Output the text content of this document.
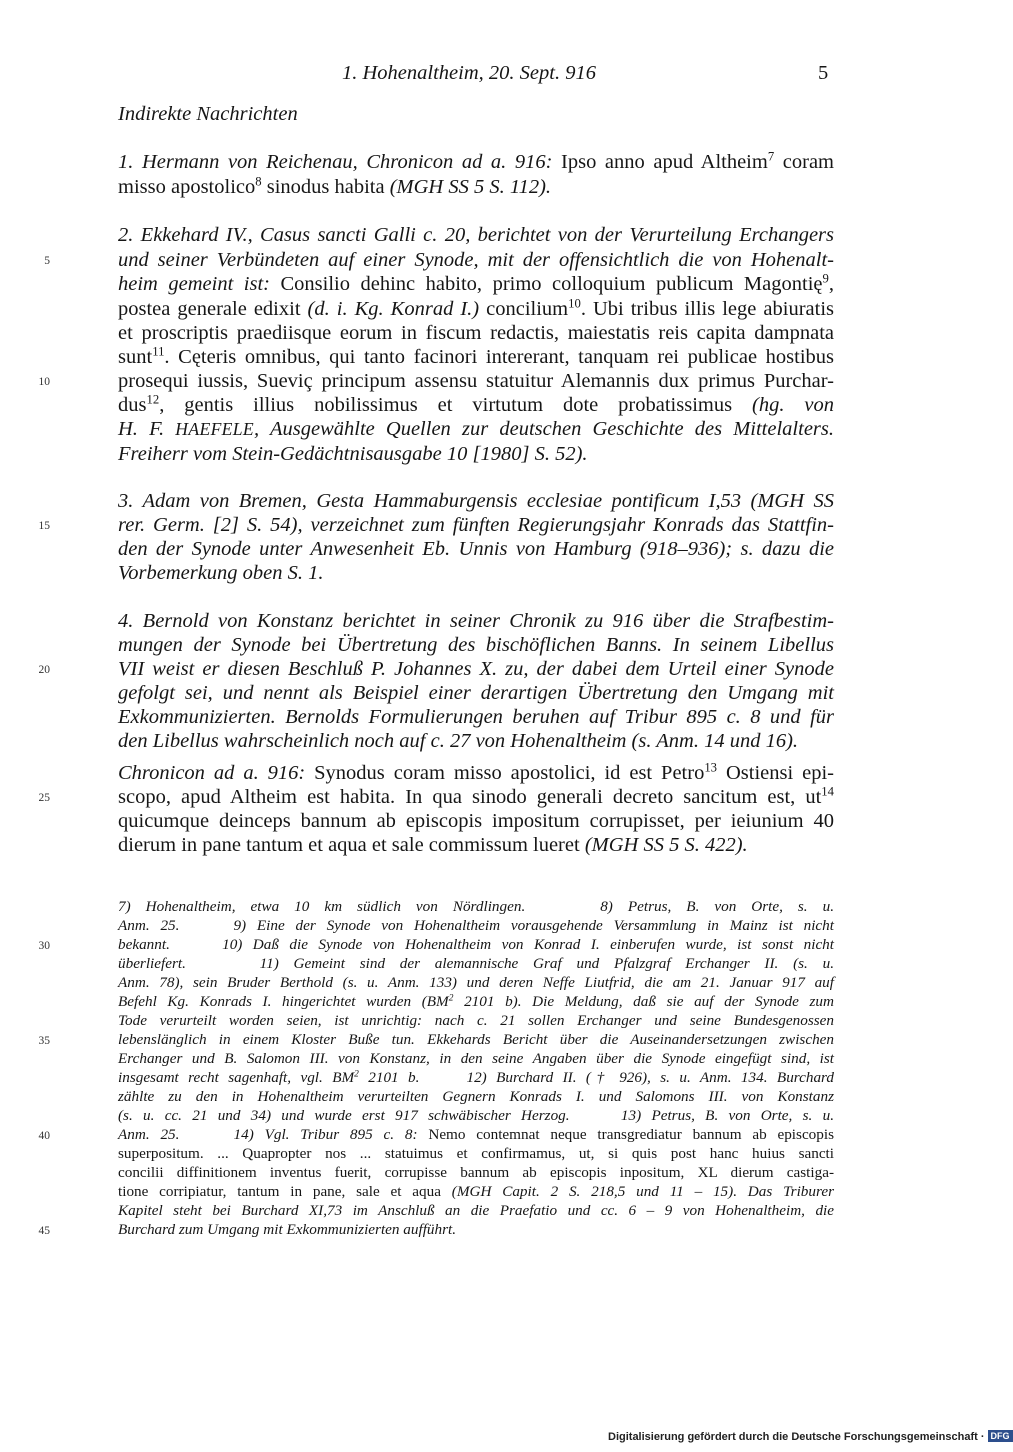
1. Hohenaltheim, 20. Sept. 916	5
Indirekte Nachrichten
1. Hermann von Reichenau, Chronicon ad a. 916: Ipso anno apud Altheim$^7$ coram
misso apostolico$^8$ sinodus habita (MGH SS 5 S. 112).
2. Ekkehard IV., Casus sancti Galli c. 20, berichtet von der Verurteilung Erchangers
und seiner Verbündeten auf einer Synode, mit der offensichtlich die von Hohenalt-
heim gemeint ist: Consilio dehinc habito, primo colloquium publicum Magontię$^9$,
postea generale edixit (d. i. Kg. Konrad I.) concilium$^{10}$. Ubi tribus illis lege abiuratis
et proscriptis praediisque eorum in fiscum redactis, maiestatis reis capita dampnata
sunt$^{11}$. Cęteris omnibus, qui tanto facinori intererant, tanquam rei publicae hostibus
prosequi iussis, Sueviç principum assensu statuitur Alemannis dux primus Purchar-
dus$^{12}$, gentis illius nobilissimus et virtutum dote probatissimus (hg. von
H. F. HAEFELE, Ausgewählte Quellen zur deutschen Geschichte des Mittelalters.
Freiherr vom Stein-Gedächtnisausgabe 10 [1980] S. 52).
3. Adam von Bremen, Gesta Hammaburgensis ecclesiae pontificum I,53 (MGH SS
rer. Germ. [2] S. 54), verzeichnet zum fünften Regierungsjahr Konrads das Stattfin-
den der Synode unter Anwesenheit Eb. Unnis von Hamburg (918–936); s. dazu die
Vorbemerkung oben S. 1.
4. Bernold von Konstanz berichtet in seiner Chronik zu 916 über die Strafbestim-
mungen der Synode bei Übertretung des bischöflichen Banns. In seinem Libellus
VII weist er diesen Beschluß P. Johannes X. zu, der dabei dem Urteil einer Synode
gefolgt sei, und nennt als Beispiel einer derartigen Übertretung den Umgang mit
Exkommunizierten. Bernolds Formulierungen beruhen auf Tribur 895 c. 8 und für
den Libellus wahrscheinlich noch auf c. 27 von Hohenaltheim (s. Anm. 14 und 16).
Chronicon ad a. 916: Synodus coram misso apostolici, id est Petro$^{13}$ Ostiensi epi-
scopo, apud Altheim est habita. In qua sinodo generali decreto sancitum est, $ut^{14}$
quicumque deinceps bannum ab episcopis impositum corrupisset, per ieiunium 40
dierum in pane tantum et aqua et sale commissum lueret (MGH SS 5 S. 422).
7) Hohenaltheim, etwa 10 km südlich von Nördlingen.     8) Petrus, B. von Orte, s. u.
Anm. 25.     9) Eine der Synode von Hohenaltheim vorausgehende Versammlung in Mainz ist nicht
bekannt.     10) Daß die Synode von Hohenaltheim von Konrad I. einberufen wurde, ist sonst nicht
überliefert.     11) Gemeint sind der alemannische Graf und Pfalzgraf Erchanger II. (s. u.
Anm. 78), sein Bruder Berthold (s. u. Anm. 133) und deren Neffe Liutfrid, die am 21. Januar 917 auf
Befehl Kg. Konrads I. hingerichtet wurden ($BM^2$ 2101 b). Die Meldung, daß sie auf der Synode zum
Tode verurteilt worden seien, ist unrichtig: nach c. 21 sollen Erchanger und seine Bundesgenossen
lebenslänglich in einem Kloster Buße tun. Ekkehards Bericht über die Auseinandersetzungen zwischen
Erchanger und B. Salomon III. von Konstanz, in den seine Angaben über die Synode eingefügt sind, ist
insgesamt recht sagenhaft, vgl. $BM^2$ 2101 b.     12) Burchard II. († 926), s. u. Anm. 134. Burchard
zählte zu den in Hohenaltheim verurteilten Gegnern Konrads I. und Salomons III. von Konstanz
(s. u. cc. 21 und 34) und wurde erst 917 schwäbischer Herzog.     13) Petrus, B. von Orte, s. u.
Anm. 25.     14) Vgl. Tribur 895 c. 8: Nemo contemnat neque transgrediatur bannum ab episcopis
superpositum. ... Quapropter nos ... statuimus et confirmamus, ut, si quis post hanc huius sancti
concilii diffinitionem inventus fuerit, corrupisse bannum ab episcopis inpositum, XL dierum castiga-
tione corripiatur, tantum in pane, sale et aqua (MGH Capit. 2 S. 218,5 und 11 – 15). Das Triburer
Kapitel steht bei Burchard XI,73 im Anschluß an die Praefatio und cc. 6 – 9 von Hohenaltheim, die
Burchard zum Umgang mit Exkommunizierten aufführt.
5
10
15
20
25
30
35
40
45
Digitalisierung gefördert durch die Deutsche Forschungsgemeinschaft · DFG
